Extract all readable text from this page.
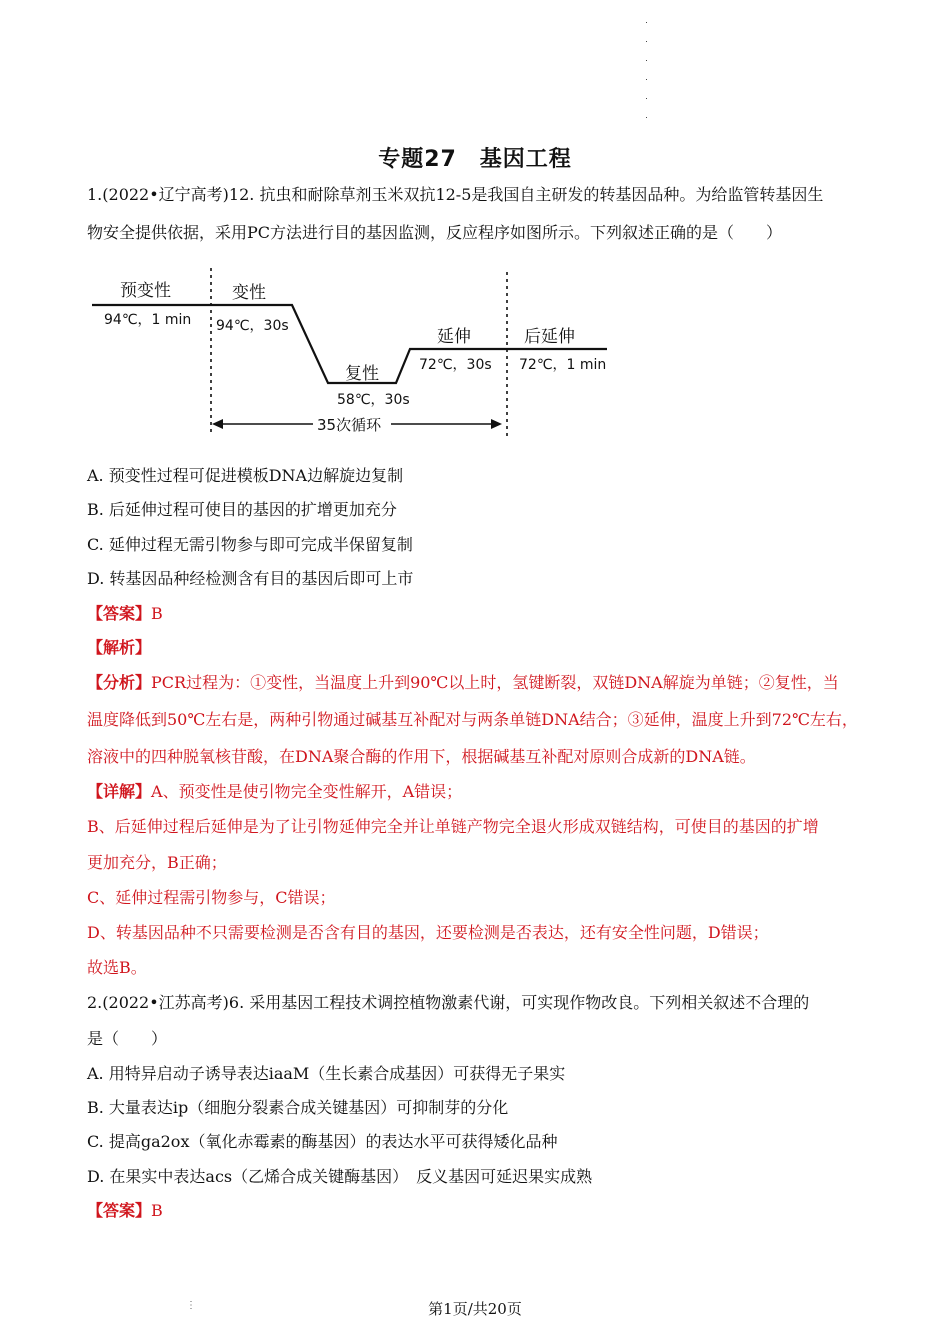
专题27　基因工程
1.(2022•辽宁高考)12. 抗虫和耐除草剂玉米双抗12-5是我国自主研发的转基因品种。为给监管转基因生
物安全提供依据，采用PC方法进行目的基因监测，反应程序如图所示。下列叙述正确的是（　　）
预变性	变性
复性
延伸	后延伸
94℃，1 min 94℃，30s
58℃，30s
72℃，30s 72℃，1 min
35次循环
A. 预变性过程可促进模板DNA边解旋边复制
B. 后延伸过程可使目的基因的扩增更加充分
C. 延伸过程无需引物参与即可完成半保留复制
D. 转基因品种经检测含有目的基因后即可上市
【答案】B
【解析】
【分析】PCR过程为：①变性，当温度上升到90℃以上时，氢键断裂，双链DNA解旋为单链；②复性，当
温度降低到50℃左右是，两种引物通过碱基互补配对与两条单链DNA结合；③延伸，温度上升到72℃左右，
溶液中的四种脱氧核苷酸，在DNA聚合酶的作用下，根据碱基互补配对原则合成新的DNA链。
【详解】A、预变性是使引物完全变性解开，A错误；
B、后延伸过程后延伸是为了让引物延伸完全并让单链产物完全退火形成双链结构，可使目的基因的扩增
更加充分，B正确；
C、延伸过程需引物参与，C错误；
D、转基因品种不只需要检测是否含有目的基因，还要检测是否表达，还有安全性问题，D错误；
故选B。
2.(2022•江苏高考)6. 采用基因工程技术调控植物激素代谢，可实现作物改良。下列相关叙述不合理的
是（　　）
A. 用特异启动子诱导表达iaaM（生长素合成基因）可获得无子果实
B. 大量表达ip（细胞分裂素合成关键基因）可抑制芽的分化
C. 提高ga2ox（氧化赤霉素的酶基因）的表达水平可获得矮化品种
D. 在果实中表达acs（乙烯合成关键酶基因）　反义基因可延迟果实成熟
【答案】B
⋮	第1页/共20页
